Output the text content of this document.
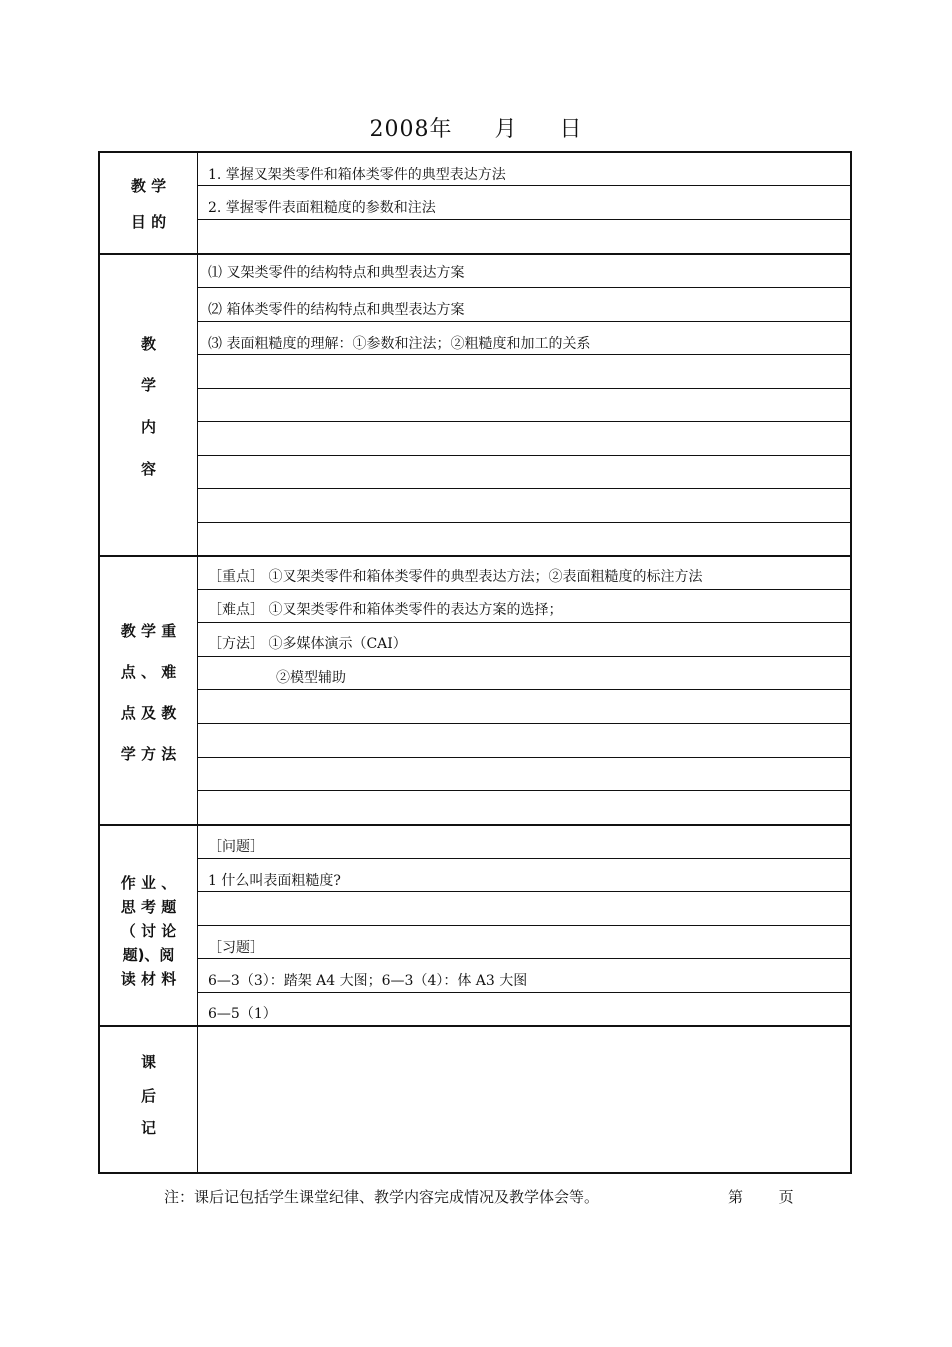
2008年 月 日
教 学
目 的
1. 掌握叉架类零件和箱体类零件的典型表达方法
2. 掌握零件表面粗糙度的参数和注法
教
学
内
容
⑴ 叉架类零件的结构特点和典型表达方案
⑵ 箱体类零件的结构特点和典型表达方案
⑶ 表面粗糙度的理解：①参数和注法；②粗糙度和加工的关系
教 学 重
点 、 难
点 及 教
学 方 法
［重点］ ①叉架类零件和箱体类零件的典型表达方法；②表面粗糙度的标注方法
［难点］ ①叉架类零件和箱体类零件的表达方案的选择；
［方法］ ①多媒体演示（CAI）
②模型辅助
作 业 、
思 考 题
（ 讨 论
题)、阅
读 材 料
［问题］
1 什么叫表面粗糙度?
［习题］
6—3（3）：踏架 A4 大图；6—3（4）：体 A3 大图
6—5（1）
课
后
记
注：课后记包括学生课堂纪律、教学内容完成情况及教学体会等。	第 页
